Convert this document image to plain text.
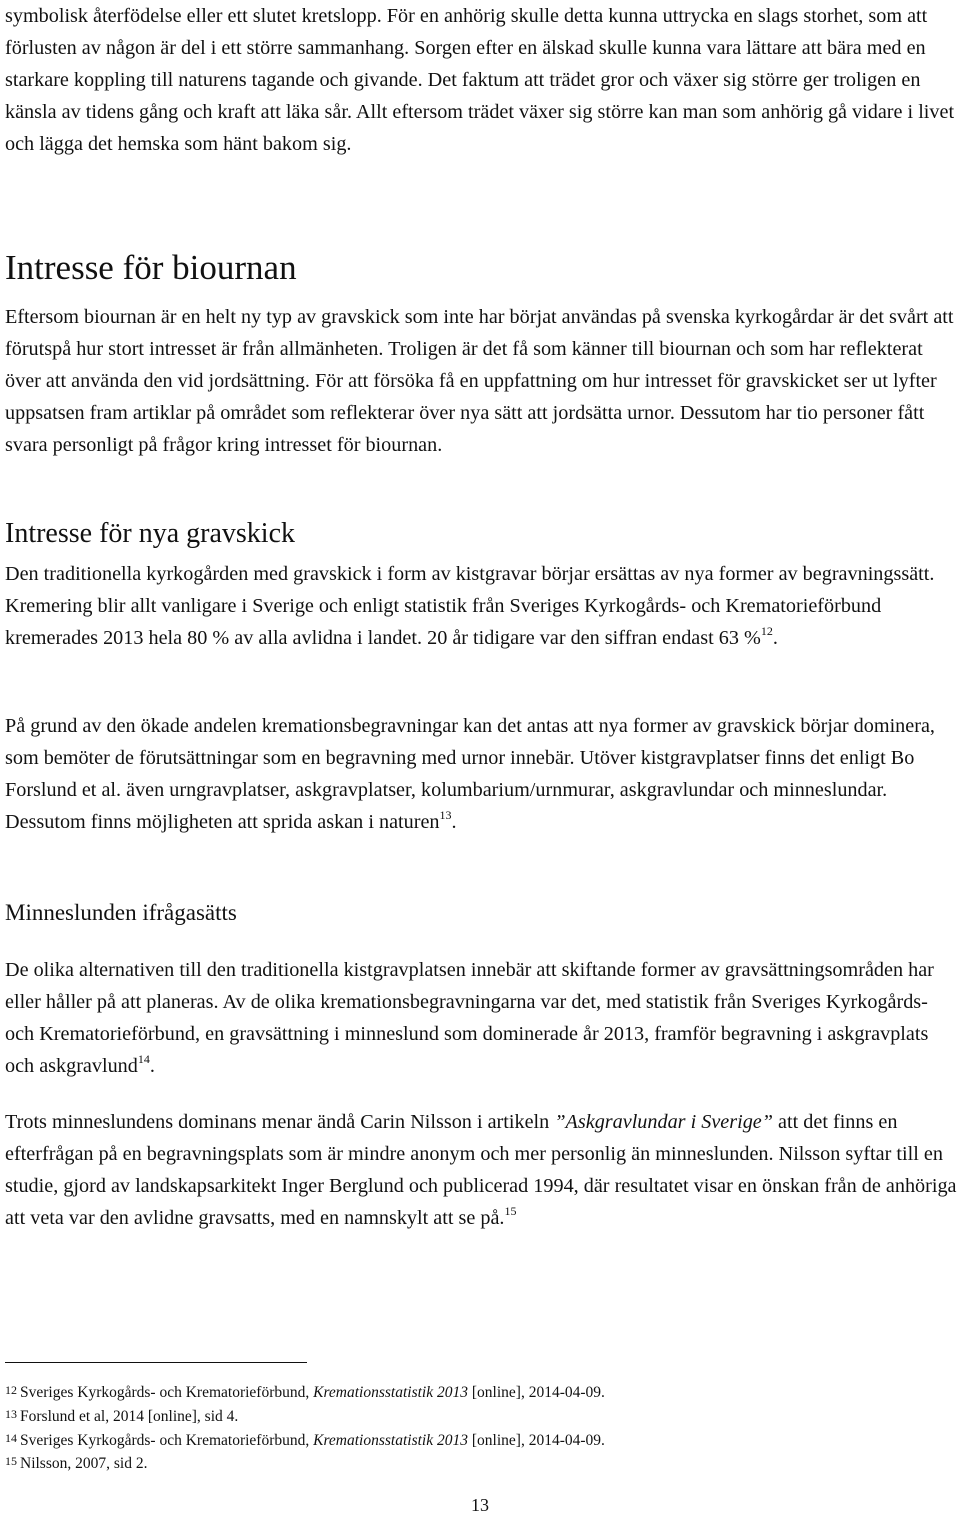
symbolisk återfödelse eller ett slutet kretslopp. För en anhörig skulle detta kunna uttrycka en slags storhet, som att förlusten av någon är del i ett större sammanhang. Sorgen efter en älskad skulle kunna vara lättare att bära med en starkare koppling till naturens tagande och givande. Det faktum att trädet gror och växer sig större ger troligen en känsla av tidens gång och kraft att läka sår. Allt eftersom trädet växer sig större kan man som anhörig gå vidare i livet och lägga det hemska som hänt bakom sig.

Intresse för biournan

Eftersom biournan är en helt ny typ av gravskick som inte har börjat användas på svenska kyrkogårdar är det svårt att förutspå hur stort intresset är från allmänheten. Troligen är det få som känner till biournan och som har reflekterat över att använda den vid jordsättning. För att försöka få en uppfattning om hur intresset för gravskicket ser ut lyfter uppsatsen fram artiklar på området som reflekterar över nya sätt att jordsätta urnor. Dessutom har tio personer fått svara personligt på frågor kring intresset för biournan.

Intresse för nya gravskick

Den traditionella kyrkogården med gravskick i form av kistgravar börjar ersättas av nya former av begravningssätt. Kremering blir allt vanligare i Sverige och enligt statistik från Sveriges Kyrkogårds- och Krematorieförbund kremerades 2013 hela 80 % av alla avlidna i landet. 20 år tidigare var den siffran endast 63 %$^{12}$.

På grund av den ökade andelen kremationsbegravningar kan det antas att nya former av gravskick börjar dominera, som bemöter de förutsättningar som en begravning med urnor innebär. Utöver kistgravplatser finns det enligt Bo Forslund et al. även urngravplatser, askgravplatser, kolumbarium/urnmurar, askgravlundar och minneslundar. Dessutom finns möjligheten att sprida askan i naturen$^{13}$.

Minneslunden ifrågasätts

De olika alternativen till den traditionella kistgravplatsen innebär att skiftande former av gravsättningsområden har eller håller på att planeras. Av de olika kremationsbegravningarna var det, med statistik från Sveriges Kyrkogårds- och Krematorieförbund, en gravsättning i minneslund som dominerade år 2013, framför begravning i askgravplats och askgravlund$^{14}$.

Trots minneslundens dominans menar ändå Carin Nilsson i artikeln ”Askgravlundar i Sverige” att det finns en efterfrågan på en begravningsplats som är mindre anonym och mer personlig än minneslunden. Nilsson syftar till en studie, gjord av landskapsarkitekt Inger Berglund och publicerad 1994, där resultatet visar en önskan från de anhöriga att veta var den avlidne gravsatts, med en namnskylt att se på.$^{15}$

12 Sveriges Kyrkogårds- och Krematorieförbund, Kremationsstatistik 2013 [online], 2014-04-09.
13 Forslund et al, 2014 [online], sid 4.
14 Sveriges Kyrkogårds- och Krematorieförbund, Kremationsstatistik 2013 [online], 2014-04-09.
15 Nilsson, 2007, sid 2.
13
